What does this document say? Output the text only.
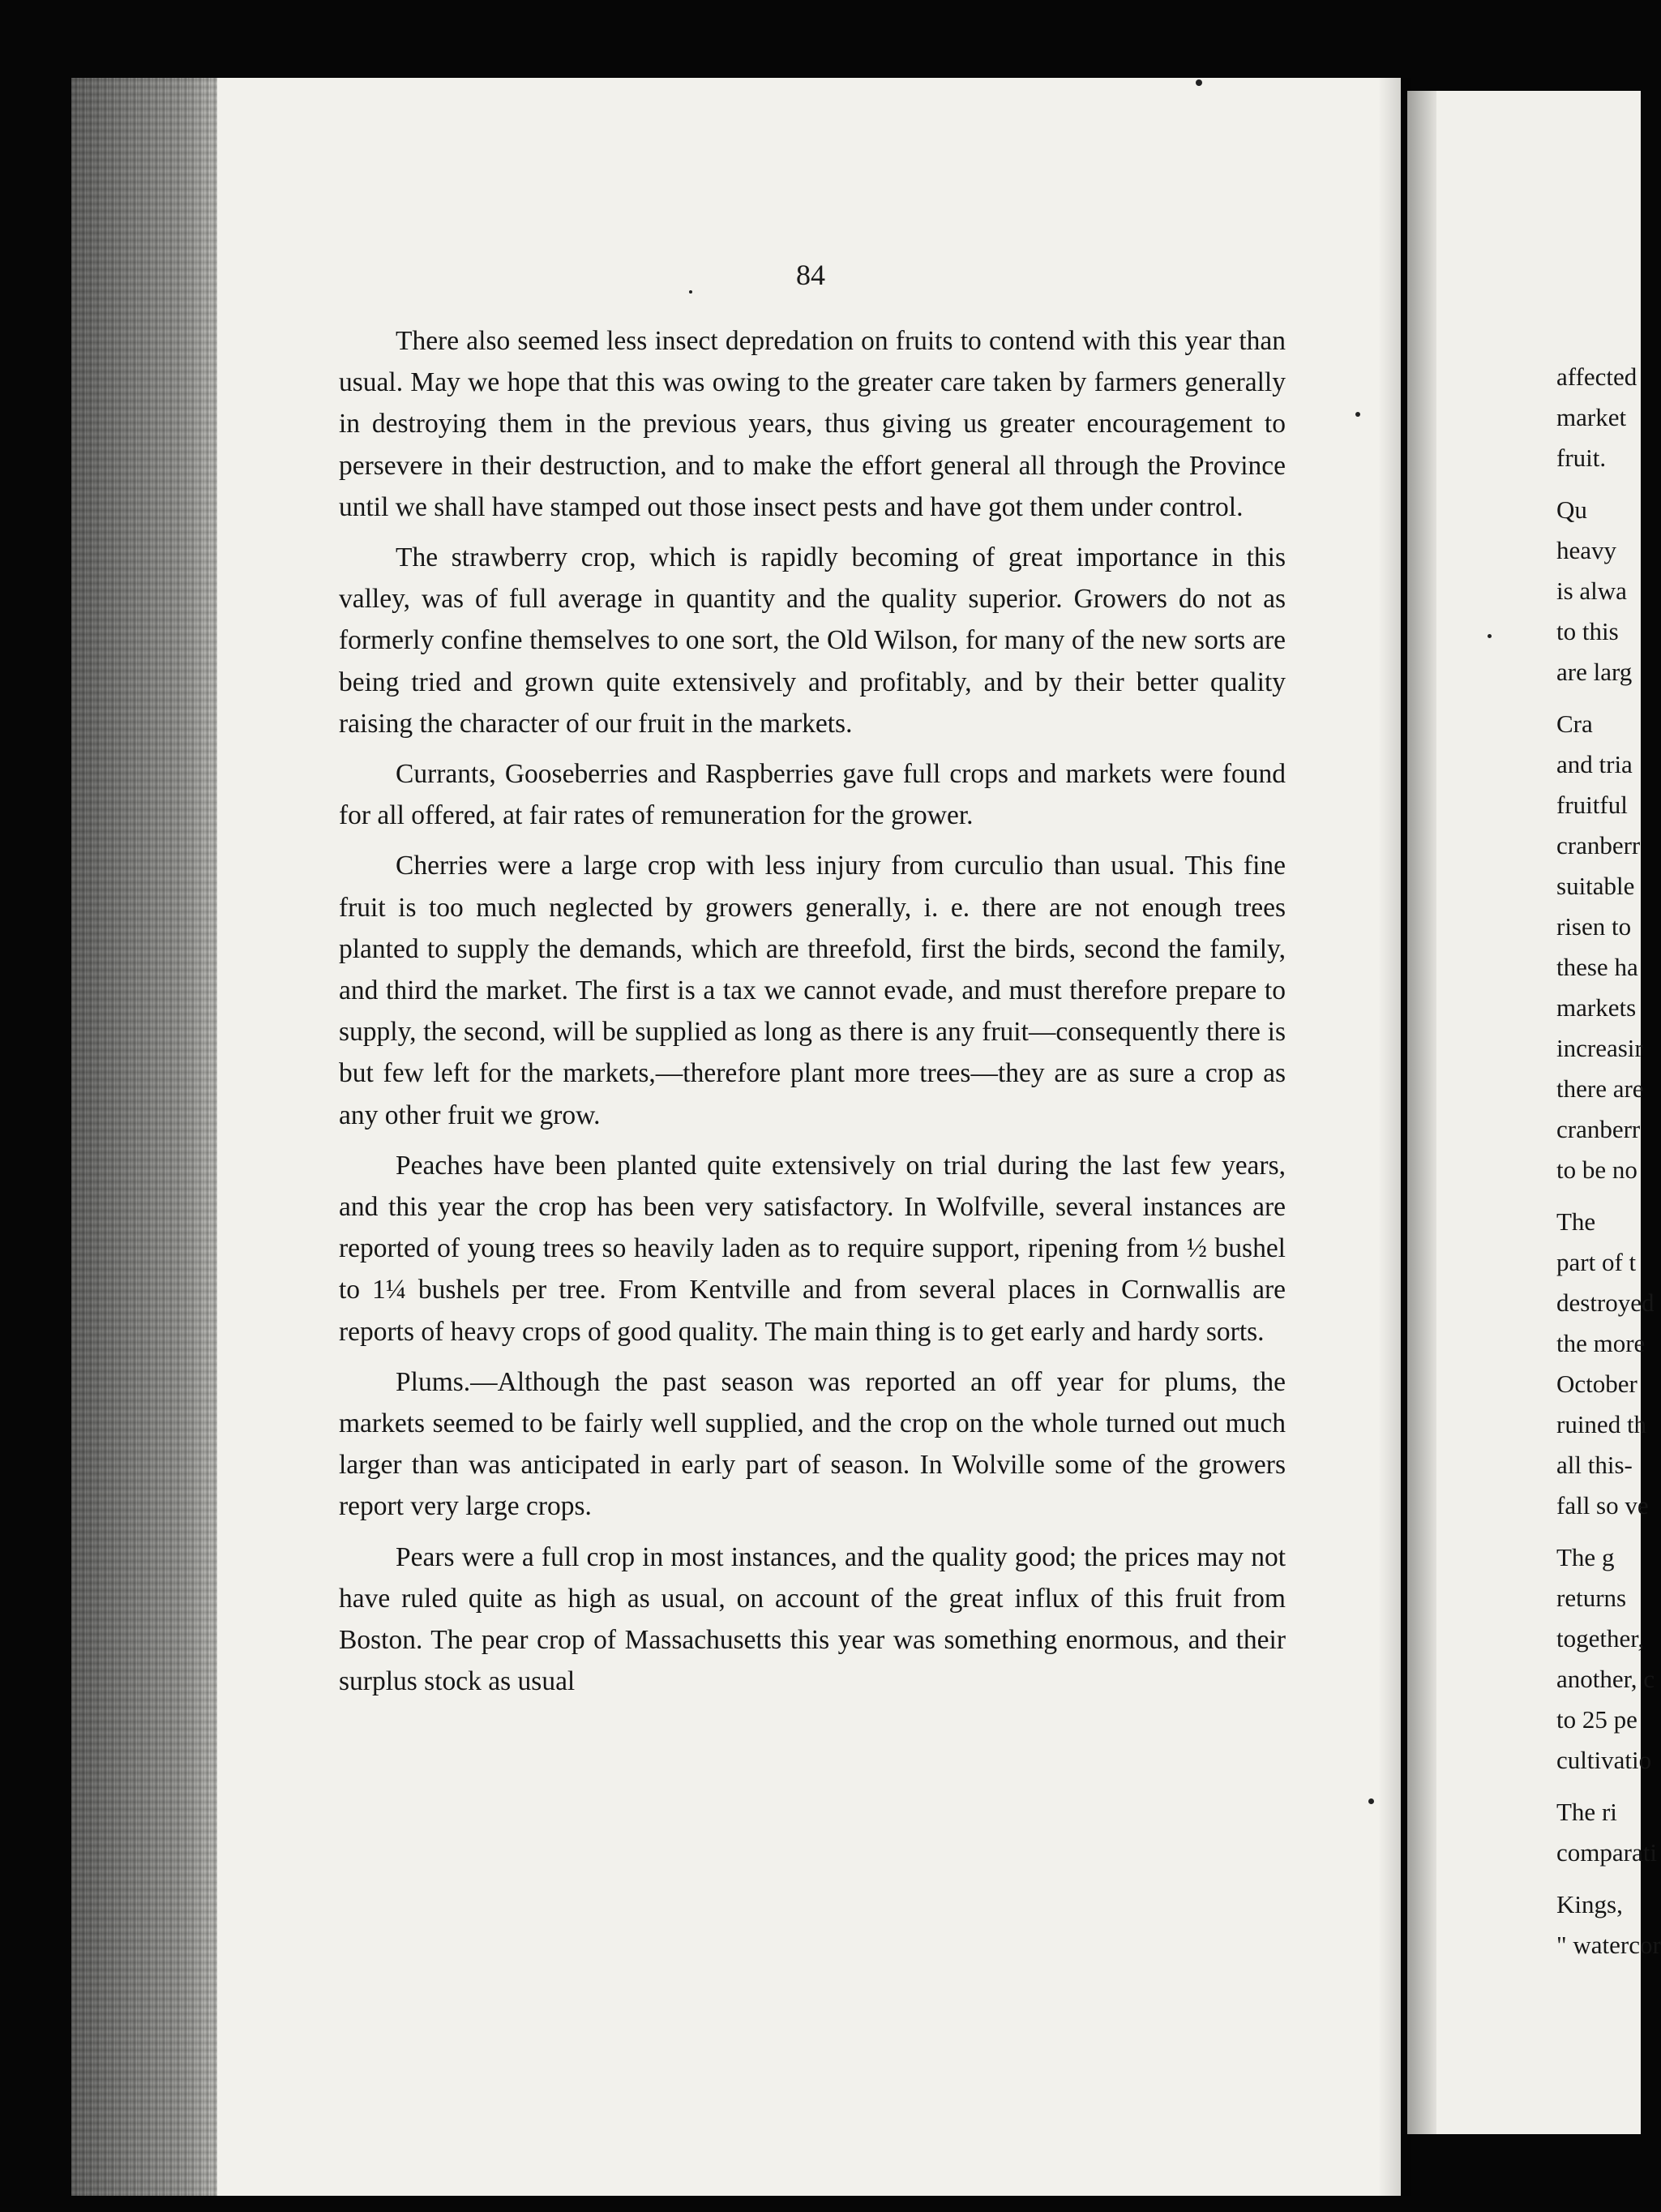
84

There also seemed less insect depredation on fruits to contend with this year than usual. May we hope that this was owing to the greater care taken by farmers generally in destroying them in the previous years, thus giving us greater encouragement to persevere in their destruction, and to make the effort general all through the Province until we shall have stamped out those insect pests and have got them under control.

The strawberry crop, which is rapidly becoming of great importance in this valley, was of full average in quantity and the quality superior. Growers do not as formerly confine themselves to one sort, the Old Wilson, for many of the new sorts are being tried and grown quite extensively and profitably, and by their better quality raising the character of our fruit in the markets.

Currants, Gooseberries and Raspberries gave full crops and markets were found for all offered, at fair rates of remuneration for the grower.

Cherries were a large crop with less injury from curculio than usual. This fine fruit is too much neglected by growers generally, i. e. there are not enough trees planted to supply the demands, which are threefold, first the birds, second the family, and third the market. The first is a tax we cannot evade, and must therefore prepare to supply, the second, will be supplied as long as there is any fruit—consequently there is but few left for the markets,—therefore plant more trees—they are as sure a crop as any other fruit we grow.

Peaches have been planted quite extensively on trial during the last few years, and this year the crop has been very satisfactory. In Wolfville, several instances are reported of young trees so heavily laden as to require support, ripening from ½ bushel to 1¼ bushels per tree. From Kentville and from several places in Cornwallis are reports of heavy crops of good quality. The main thing is to get early and hardy sorts.

Plums.—Although the past season was reported an off year for plums, the markets seemed to be fairly well supplied, and the crop on the whole turned out much larger than was anticipated in early part of season. In Wolville some of the growers report very large crops.

Pears were a full crop in most instances, and the quality good; the prices may not have ruled quite as high as usual, on account of the great influx of this fruit from Boston. The pear crop of Massachusetts this year was something enormous, and their surplus stock as usual

affected
market
fruit.
Qu
heavy
is alwa
to this
are larg
Cra
and tria
fruitful
cranberr
suitable
risen to
these ha
markets
increasir
there are
cranberr
to be no
The
part of t
destroyed
the more
October
ruined th
all this-
fall so ve
The g
returns
together,
another, c
to 25 pe
cultivatio
The ri
comparati
Kings,
" watercor
